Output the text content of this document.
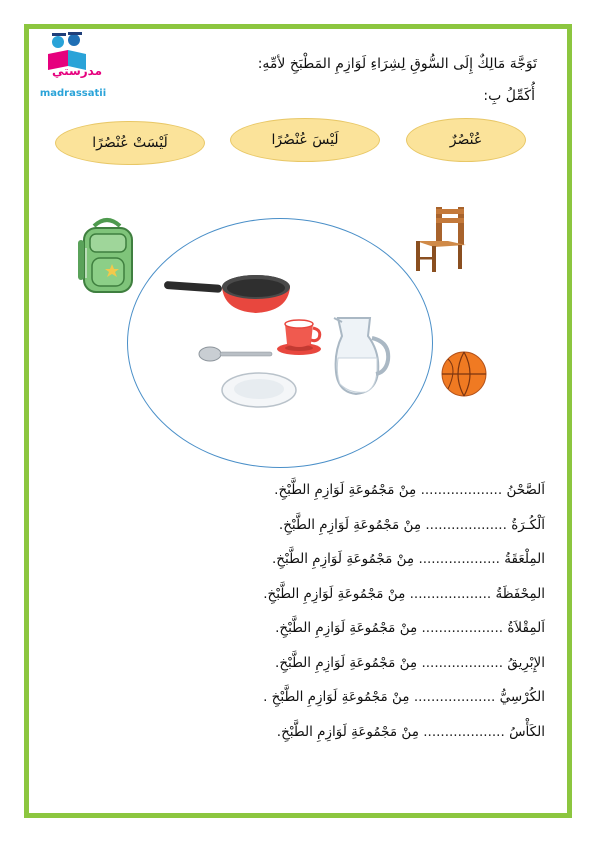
مدرستي
madrassatii
تَوَجَّهَ مَالِكٌ إِلَى السُّوقِ لِشِرَاءِ لَوَازِمِ المَطْبَخِ لأمِّهِ:
أُكَمِّلُ بِ:
عُنْصُرٌ
لَيْسَ عُنْصُرًا
لَيْسَتْ عُنْصُرًا
اَلصَّحْنُ ................... مِنْ مَجْمُوعَةِ لَوَازِمِ الطَّبْخِ.
اَلْكُـرَةُ ................... مِنْ مَجْمُوعَةِ لَوَازِمِ الطَّبْخِ.
المِلْعَقَةُ ................... مِنْ مَجْمُوعَةِ لَوَازِمِ الطَّبْخِ.
المِحْفَظَةُ ................... مِنْ مَجْمُوعَةِ لَوَازِمِ الطَّبْخِ.
اَلمِقْلاَةُ ................... مِنْ مَجْمُوعَةِ لَوَازِمِ الطَّبْخِ.
الإِبْرِيقُ ................... مِنْ مَجْمُوعَةِ لَوَازِمِ الطَّبْخِ.
الكُرْسِيُّ ................... مِنْ مَجْمُوعَةِ لَوَازِمِ الطَّبْخِ .
الكَأْسُ ................... مِنْ مَجْمُوعَةِ لَوَازِمِ الطَّبْخِ.
